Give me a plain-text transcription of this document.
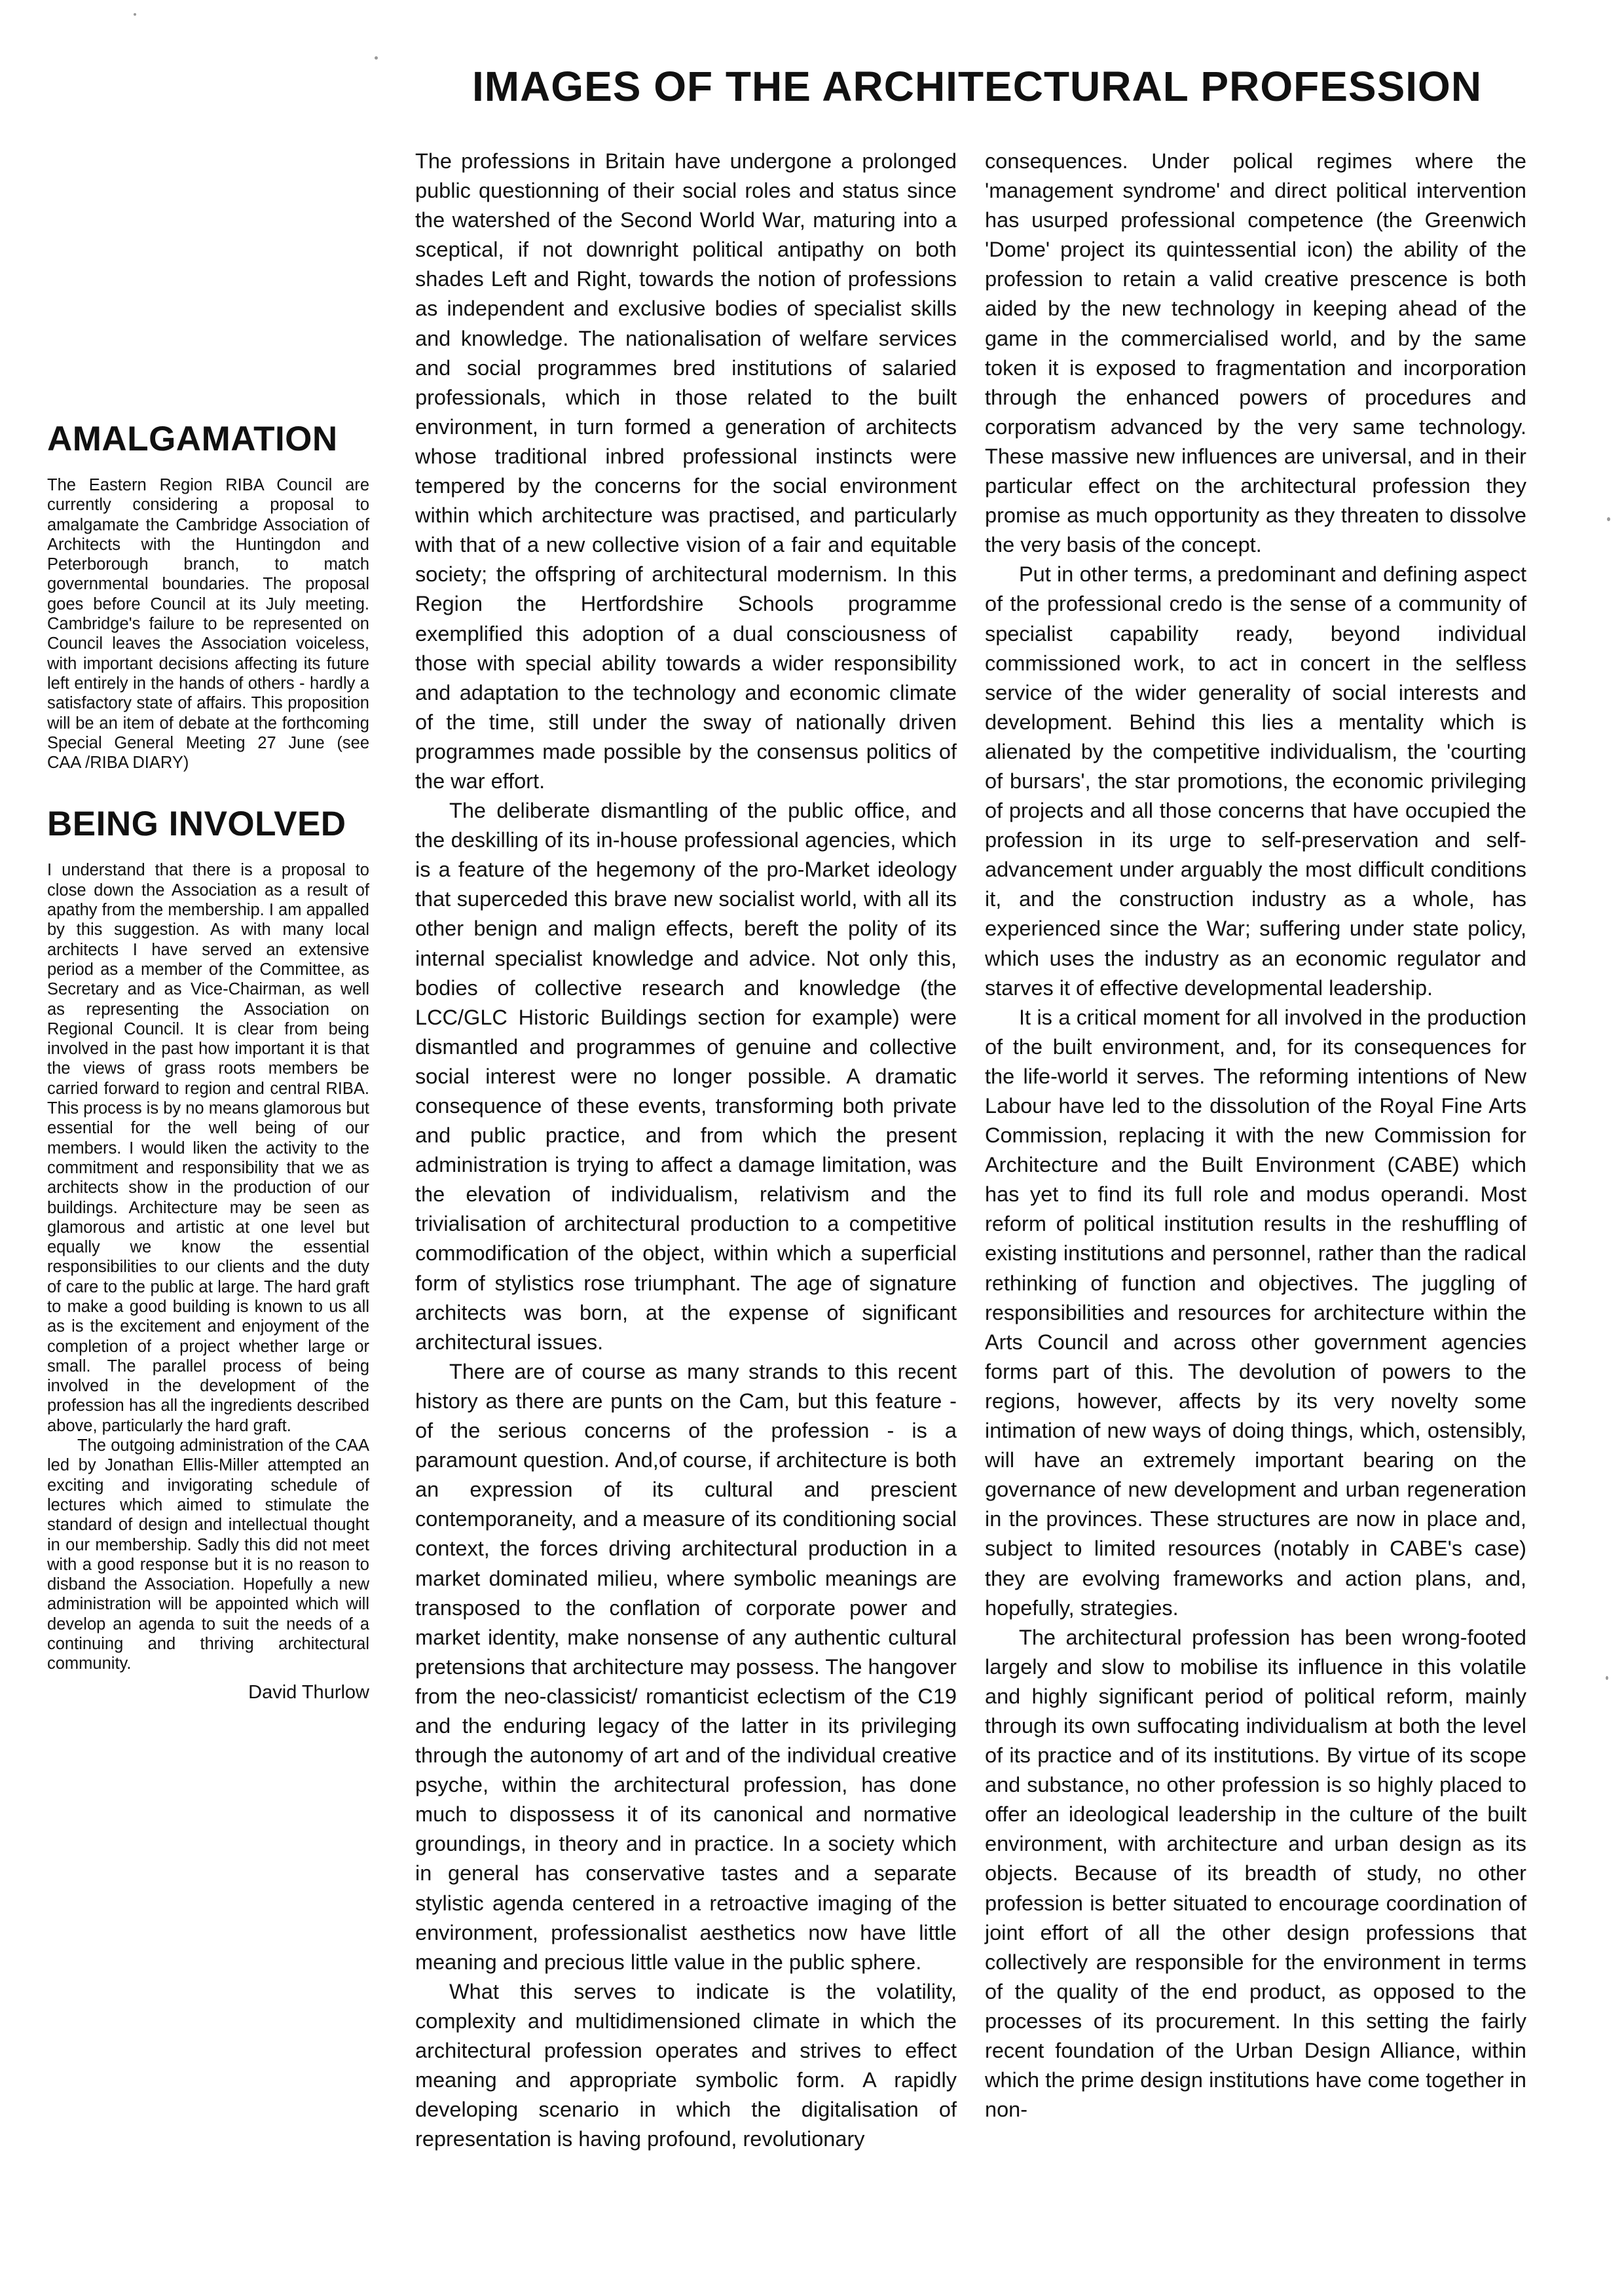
IMAGES OF THE ARCHITECTURAL PROFESSION
AMALGAMATION

The Eastern Region RIBA Council are currently considering a proposal to amalgamate the Cambridge Association of Architects with the Huntingdon and Peterborough branch, to match governmental boundaries. The proposal goes before Council at its July meeting. Cambridge's failure to be represented on Council leaves the Association voiceless, with important decisions affecting its future left entirely in the hands of others - hardly a satisfactory state of affairs. This proposition will be an item of debate at the forthcoming Special General Meeting 27 June (see CAA /RIBA DIARY)

BEING INVOLVED

I understand that there is a proposal to close down the Association as a result of apathy from the membership. I am appalled by this suggestion. As with many local architects I have served an extensive period as a member of the Committee, as Secretary and as Vice-Chairman, as well as representing the Association on Regional Council. It is clear from being involved in the past how important it is that the views of grass roots members be carried forward to region and central RIBA. This process is by no means glamorous but essential for the well being of our members. I would liken the activity to the commitment and responsibility that we as architects show in the production of our buildings. Architecture may be seen as glamorous and artistic at one level but equally we know the essential responsibilities to our clients and the duty of care to the public at large. The hard graft to make a good building is known to us all as is the excitement and enjoyment of the completion of a project whether large or small. The parallel process of being involved in the development of the profession has all the ingredients described above, particularly the hard graft.

The outgoing administration of the CAA led by Jonathan Ellis-Miller attempted an exciting and invigorating schedule of lectures which aimed to stimulate the standard of design and intellectual thought in our membership. Sadly this did not meet with a good response but it is no reason to disband the Association. Hopefully a new administration will be appointed which will develop an agenda to suit the needs of a continuing and thriving architectural community.

David Thurlow

The professions in Britain have undergone a prolonged public questionning of their social roles and status since the watershed of the Second World War, maturing into a sceptical, if not downright political antipathy on both shades Left and Right, towards the notion of professions as independent and exclusive bodies of specialist skills and knowledge. The nationalisation of welfare services and social programmes bred institutions of salaried professionals, which in those related to the built environment, in turn formed a generation of architects whose traditional inbred professional instincts were tempered by the concerns for the social environment within which architecture was practised, and particularly with that of a new collective vision of a fair and equitable society; the offspring of architectural modernism. In this Region the Hertfordshire Schools programme exemplified this adoption of a dual consciousness of those with special ability towards a wider responsibility and adaptation to the technology and economic climate of the time, still under the sway of nationally driven programmes made possible by the consensus politics of the war effort.

The deliberate dismantling of the public office, and the deskilling of its in-house professional agencies, which is a feature of the hegemony of the pro-Market ideology that superceded this brave new socialist world, with all its other benign and malign effects, bereft the polity of its internal specialist knowledge and advice. Not only this, bodies of collective research and knowledge (the LCC/GLC Historic Buildings section for example) were dismantled and programmes of genuine and collective social interest were no longer possible. A dramatic consequence of these events, transforming both private and public practice, and from which the present administration is trying to affect a damage limitation, was the elevation of individualism, relativism and the trivialisation of architectural production to a competitive commodification of the object, within which a superficial form of stylistics rose triumphant. The age of signature architects was born, at the expense of significant architectural issues.

There are of course as many strands to this recent history as there are punts on the Cam, but this feature - of the serious concerns of the profession - is a paramount question. And,of course, if architecture is both an expression of its cultural and prescient contemporaneity, and a measure of its conditioning social context, the forces driving architectural production in a market dominated milieu, where symbolic meanings are transposed to the conflation of corporate power and market identity, make nonsense of any authentic cultural pretensions that architecture may possess. The hangover from the neo-classicist/ romanticist eclectism of the C19 and the enduring legacy of the latter in its privileging through the autonomy of art and of the individual creative psyche, within the architectural profession, has done much to dispossess it of its canonical and normative groundings, in theory and in practice. In a society which in general has conservative tastes and a separate stylistic agenda centered in a retroactive imaging of the environment, professionalist aesthetics now have little meaning and precious little value in the public sphere.

What this serves to indicate is the volatility, complexity and multidimensioned climate in which the architectural profession operates and strives to effect meaning and appropriate symbolic form. A rapidly developing scenario in which the digitalisation of representation is having profound, revolutionary

consequences. Under polical regimes where the 'management syndrome' and direct political intervention has usurped professional competence (the Greenwich 'Dome' project its quintessential icon) the ability of the profession to retain a valid creative prescence is both aided by the new technology in keeping ahead of the game in the commercialised world, and by the same token it is exposed to fragmentation and incorporation through the enhanced powers of procedures and corporatism advanced by the very same technology. These massive new influences are universal, and in their particular effect on the architectural profession they promise as much opportunity as they threaten to dissolve the very basis of the concept.

Put in other terms, a predominant and defining aspect of the professional credo is the sense of a community of specialist capability ready, beyond individual commissioned work, to act in concert in the selfless service of the wider generality of social interests and development. Behind this lies a mentality which is alienated by the competitive individualism, the 'courting of bursars', the star promotions, the economic privileging of projects and all those concerns that have occupied the profession in its urge to self-preservation and self-advancement under arguably the most difficult conditions it, and the construction industry as a whole, has experienced since the War; suffering under state policy, which uses the industry as an economic regulator and starves it of effective developmental leadership.

It is a critical moment for all involved in the production of the built environment, and, for its consequences for the life-world it serves. The reforming intentions of New Labour have led to the dissolution of the Royal Fine Arts Commission, replacing it with the new Commission for Architecture and the Built Environment (CABE) which has yet to find its full role and modus operandi. Most reform of political institution results in the reshuffling of existing institutions and personnel, rather than the radical rethinking of function and objectives. The juggling of responsibilities and resources for architecture within the Arts Council and across other government agencies forms part of this. The devolution of powers to the regions, however, affects by its very novelty some intimation of new ways of doing things, which, ostensibly, will have an extremely important bearing on the governance of new development and urban regeneration in the provinces. These structures are now in place and, subject to limited resources (notably in CABE's case) they are evolving frameworks and action plans, and, hopefully, strategies.

The architectural profession has been wrong-footed largely and slow to mobilise its influence in this volatile and highly significant period of political reform, mainly through its own suffocating individualism at both the level of its practice and of its institutions. By virtue of its scope and substance, no other profession is so highly placed to offer an ideological leadership in the culture of the built environment, with architecture and urban design as its objects. Because of its breadth of study, no other profession is better situated to encourage coordination of joint effort of all the other design professions that collectively are responsible for the environment in terms of the quality of the end product, as opposed to the processes of its procurement. In this setting the fairly recent foundation of the Urban Design Alliance, within which the prime design institutions have come together in non-
